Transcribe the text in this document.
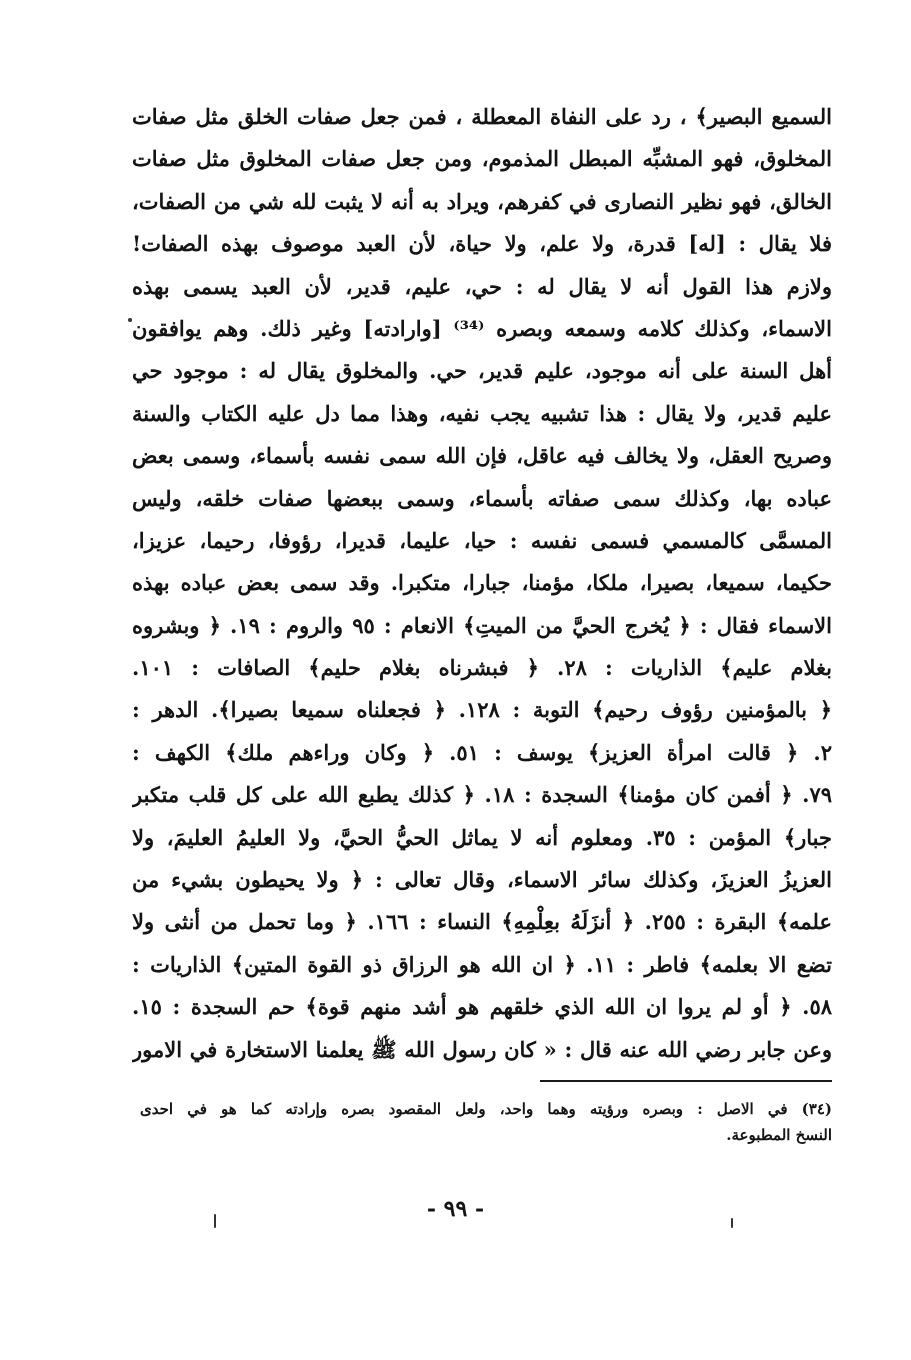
السميع البصير﴾ ، رد على النفاة المعطلة ، فمن جعل صفات الخلق مثل صفات
المخلوق، فهو المشبِّه المبطل المذموم، ومن جعل صفات المخلوق مثل صفات
الخالق، فهو نظير النصارى في كفرهم، ويراد به أنه لا يثبت لله شي من الصفات،
فلا يقال : [له] قدرة، ولا علم، ولا حياة، لأن العبد موصوف بهذه الصفات!
ولازم هذا القول أنه لا يقال له : حي، عليم، قدير، لأن العبد يسمى بهذه
الاسماء، وكذلك كلامه وسمعه وبصره ⁽³⁴⁾ [وارادته] وغير ذلك. وهم يوافقون
أهل السنة على أنه موجود، عليم قدير، حي. والمخلوق يقال له : موجود حي
عليم قدير، ولا يقال : هذا تشبيه يجب نفيه، وهذا مما دل عليه الكتاب والسنة
وصريح العقل، ولا يخالف فيه عاقل، فإن الله سمى نفسه بأسماء، وسمى بعض
عباده بها، وكذلك سمى صفاته بأسماء، وسمى ببعضها صفات خلقه، وليس
المسمَّى كالمسمي فسمى نفسه : حيا، عليما، قديرا، رؤوفا، رحيما، عزيزا،
حكيما، سميعا، بصيرا، ملكا، مؤمنا، جبارا، متكبرا. وقد سمى بعض عباده بهذه
الاسماء فقال : ﴿ يُخرج الحيَّ من الميتِ﴾ الانعام : ٩٥ والروم : ١٩. ﴿ وبشروه
بغلام عليم﴾ الذاريات : ٢٨. ﴿ فبشرناه بغلام حليم﴾ الصافات : ١٠١.
﴿ بالمؤمنين رؤوف رحيم﴾ التوبة : ١٢٨. ﴿ فجعلناه سميعا بصيرا﴾. الدهر :
٢. ﴿ قالت امرأة العزيز﴾ يوسف : ٥١. ﴿ وكان وراءهم ملك﴾ الكهف :
٧٩. ﴿ أفمن كان مؤمنا﴾ السجدة : ١٨. ﴿ كذلك يطبع الله على كل قلب متكبر
جبار﴾ المؤمن : ٣٥. ومعلوم أنه لا يماثل الحيُّ الحيَّ، ولا العليمُ العليمَ، ولا
العزيزُ العزيزَ، وكذلك سائر الاسماء، وقال تعالى : ﴿ ولا يحيطون بشيء من
علمه﴾ البقرة : ٢٥٥. ﴿ أنزَلَهُ بعِلْمِهِ﴾ النساء : ١٦٦. ﴿ وما تحمل من أنثى ولا
تضع الا بعلمه﴾ فاطر : ١١. ﴿ ان الله هو الرزاق ذو القوة المتين﴾ الذاريات :
٥٨. ﴿ أو لم يروا ان الله الذي خلقهم هو أشد منهم قوة﴾ حم السجدة : ١٥.
وعن جابر رضي الله عنه قال : « كان رسول الله ﷺ يعلمنا الاستخارة في الامور
(٣٤) في الاصل : وبصره ورؤيته وهما واحد، ولعل المقصود بصره وإرادته كما هو في احدى
النسخ المطبوعة.
- ٩٩ -
